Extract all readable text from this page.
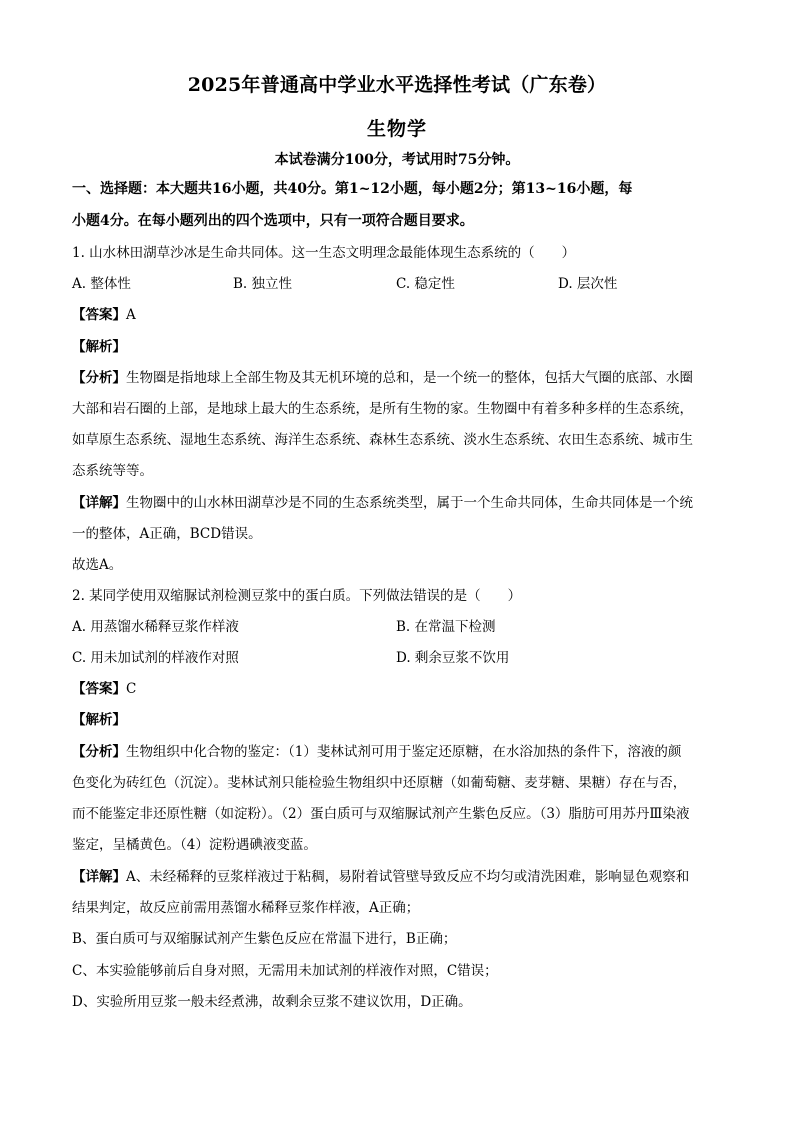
2025年普通高中学业水平选择性考试（广东卷）
生物学
本试卷满分100分，考试用时75分钟。
一、选择题：本大题共16小题，共40分。第1~12小题，每小题2分；第13~16小题，每
小题4分。在每小题列出的四个选项中，只有一项符合题目要求。
1. 山水林田湖草沙冰是生命共同体。这一生态文明理念最能体现生态系统的（　　）
A. 整体性	B. 独立性	C. 稳定性	D. 层次性
【答案】A
【解析】
【分析】生物圈是指地球上全部生物及其无机环境的总和，是一个统一的整体，包括大气圈的底部、水圈
大部和岩石圈的上部，是地球上最大的生态系统，是所有生物的家。生物圈中有着多种多样的生态系统，
如草原生态系统、湿地生态系统、海洋生态系统、森林生态系统、淡水生态系统、农田生态系统、城市生
态系统等等。
【详解】生物圈中的山水林田湖草沙是不同的生态系统类型，属于一个生命共同体，生命共同体是一个统
一的整体，A正确，BCD错误。
故选A。
2. 某同学使用双缩脲试剂检测豆浆中的蛋白质。下列做法错误的是（　　）
A. 用蒸馏水稀释豆浆作样液	B. 在常温下检测
C. 用未加试剂的样液作对照	D. 剩余豆浆不饮用
【答案】C
【解析】
【分析】生物组织中化合物的鉴定：（1）斐林试剂可用于鉴定还原糖，在水浴加热的条件下，溶液的颜
色变化为砖红色（沉淀）。斐林试剂只能检验生物组织中还原糖（如葡萄糖、麦芽糖、果糖）存在与否，
而不能鉴定非还原性糖（如淀粉）。（2）蛋白质可与双缩脲试剂产生紫色反应。（3）脂肪可用苏丹Ⅲ染液
鉴定，呈橘黄色。（4）淀粉遇碘液变蓝。
【详解】A、未经稀释的豆浆样液过于粘稠，易附着试管壁导致反应不均匀或清洗困难，影响显色观察和
结果判定，故反应前需用蒸馏水稀释豆浆作样液，A正确；
B、蛋白质可与双缩脲试剂产生紫色反应在常温下进行，B正确；
C、本实验能够前后自身对照，无需用未加试剂的样液作对照，C错误；
D、实验所用豆浆一般未经煮沸，故剩余豆浆不建议饮用，D正确。
